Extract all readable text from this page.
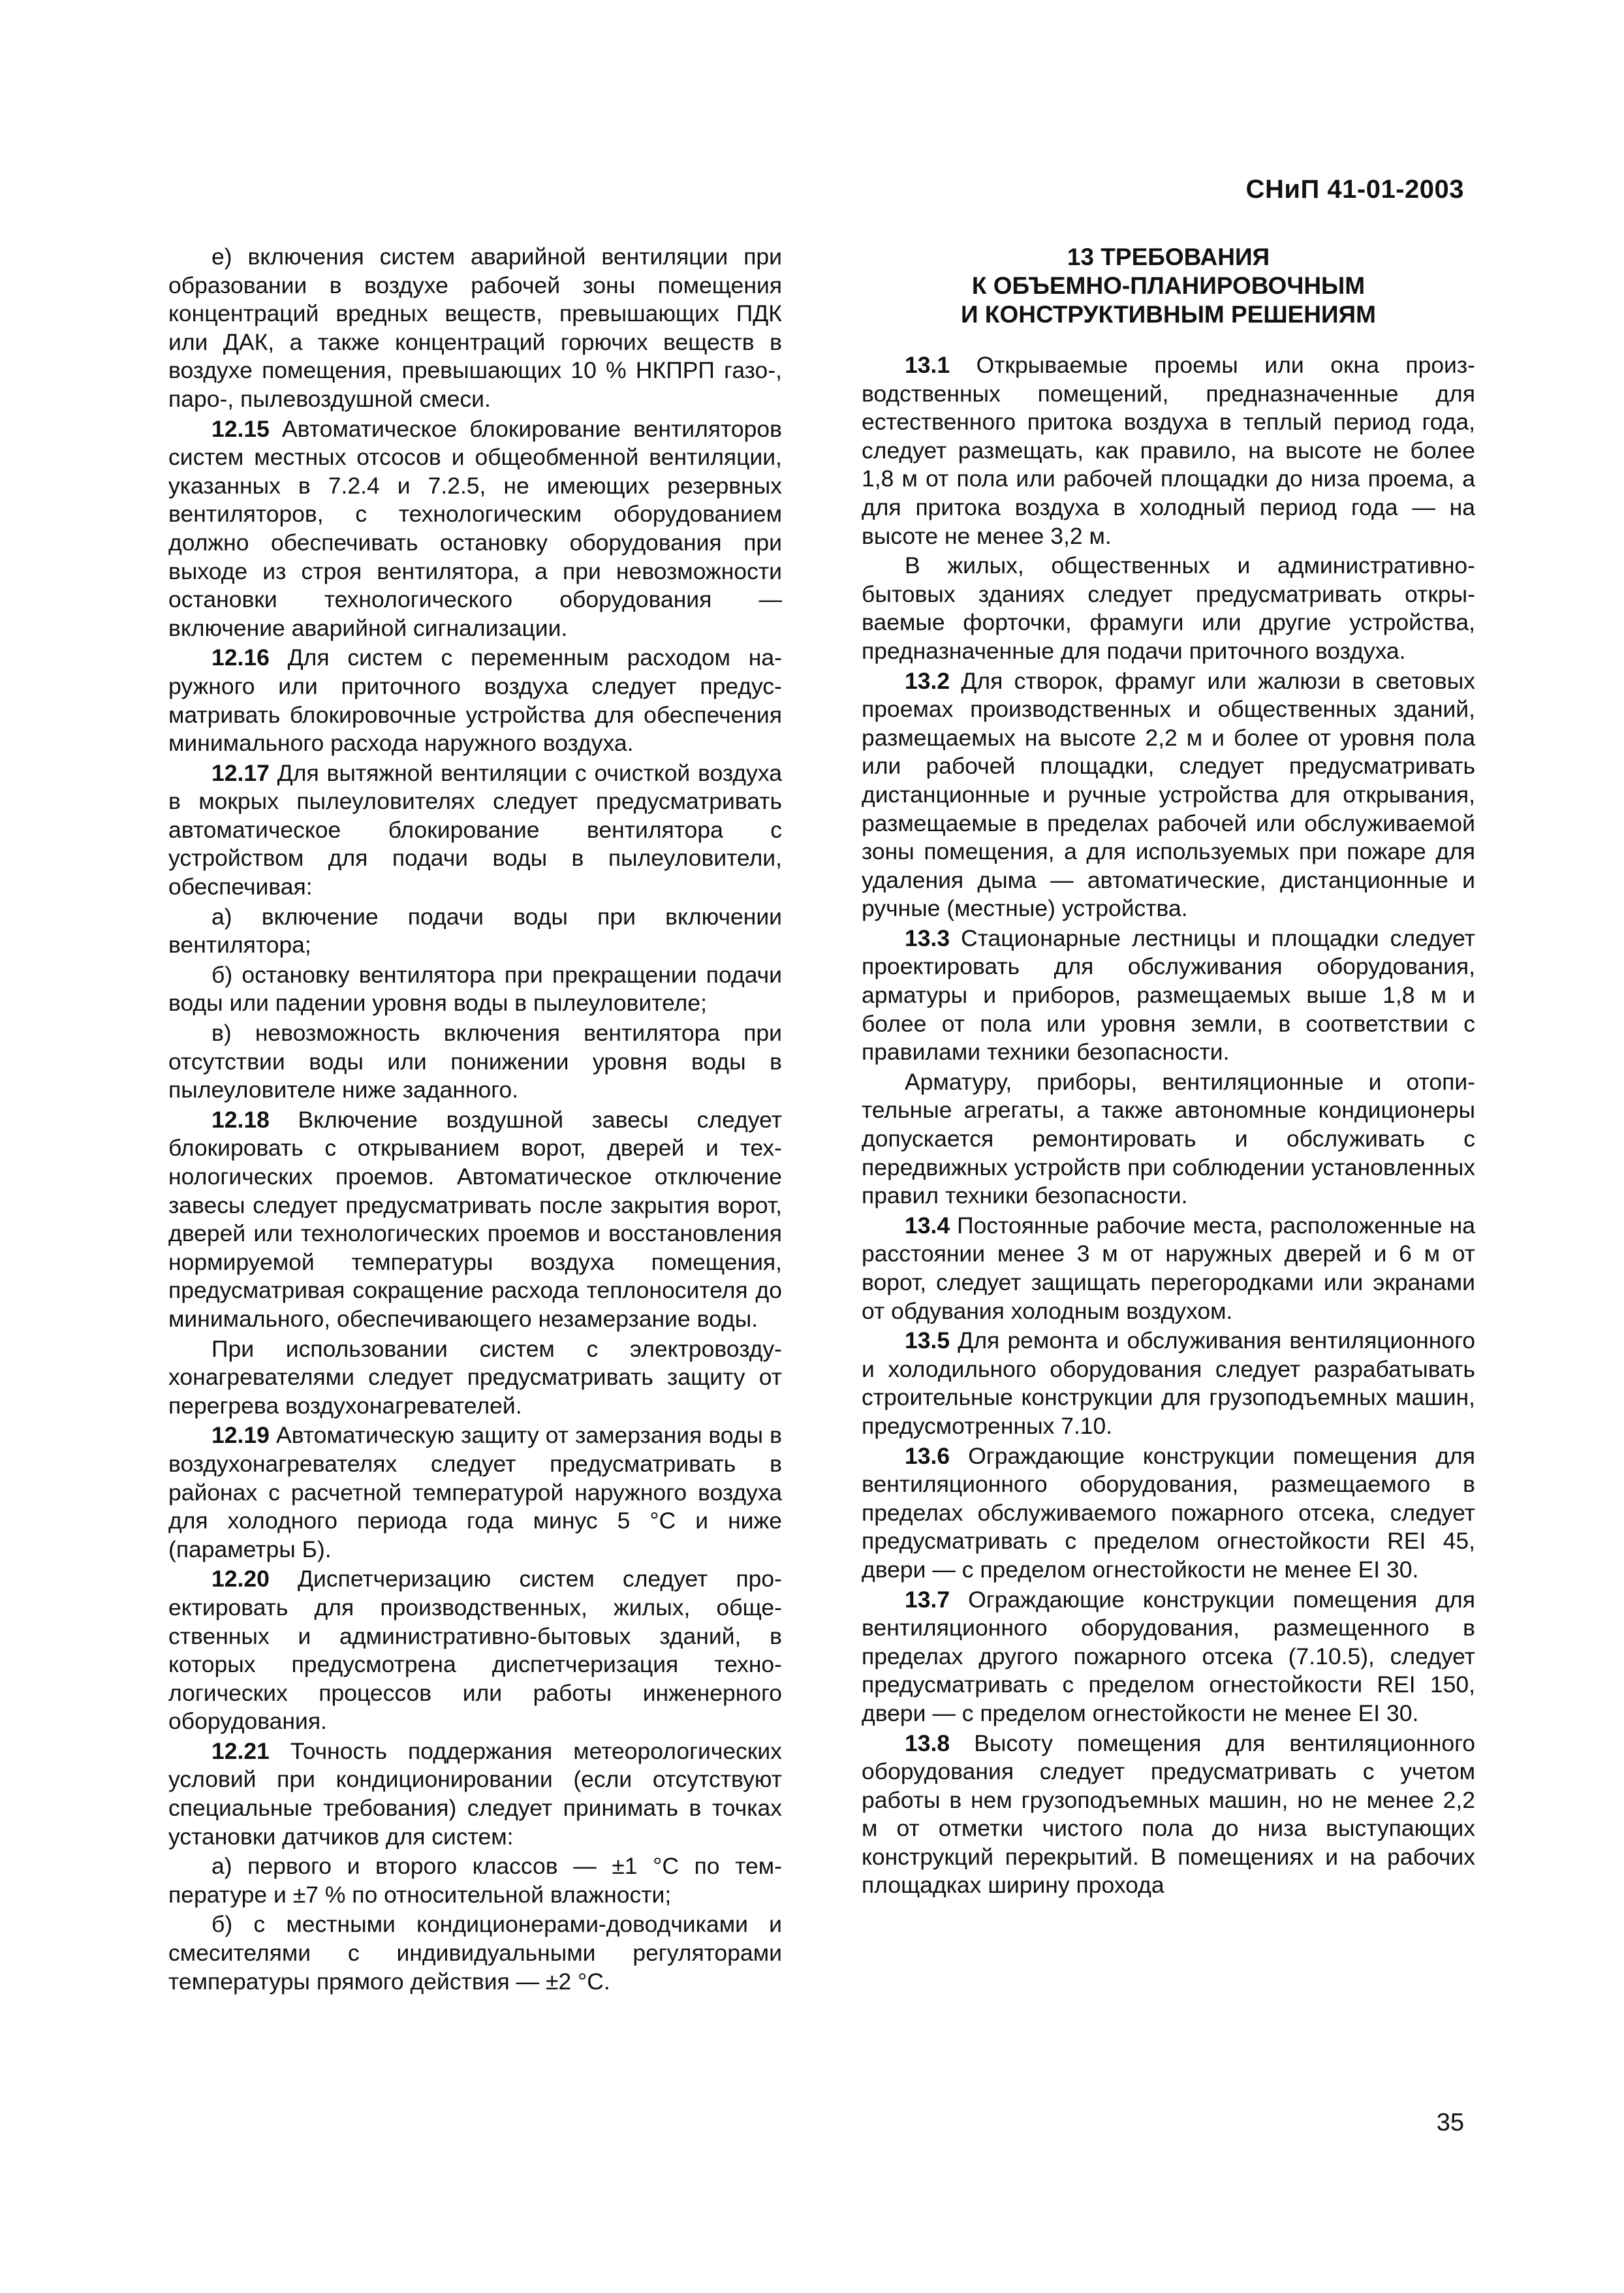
СНиП 41-01-2003

е) включения систем аварийной вентиляции при образовании в воздухе рабочей зоны помещения концентраций вредных веществ, превышающих ПДК или ДАК, а также концентраций горючих веществ в воздухе помещения, превышающих 10 % НКПРП газо-, паро-, пылевоздушной смеси.

12.15 Автоматическое блокирование вентиляторов систем местных отсосов и общеобменной вентиляции, указанных в 7.2.4 и 7.2.5, не имеющих резервных вентиляторов, с технологическим оборудованием должно обеспечивать остановку оборудования при выходе из строя вентилятора, а при невозможности остановки технологического оборудования — включение аварийной сигнализации.

12.16 Для систем с переменным расходом наружного или приточного воздуха следует предусматривать блокировочные устройства для обеспечения минимального расхода наружного воздуха.

12.17 Для вытяжной вентиляции с очисткой воздуха в мокрых пылеуловителях следует предусматривать автоматическое блокирование вентилятора с устройством для подачи воды в пылеуловители, обеспечивая:

а) включение подачи воды при включении вентилятора;

б) остановку вентилятора при прекращении подачи воды или падении уровня воды в пылеуловителе;

в) невозможность включения вентилятора при отсутствии воды или понижении уровня воды в пылеуловителе ниже заданного.

12.18 Включение воздушной завесы следует блокировать с открыванием ворот, дверей и технологических проемов. Автоматическое отключение завесы следует предусматривать после закрытия ворот, дверей или технологических проемов и восстановления нормируемой температуры воздуха помещения, предусматривая сокращение расхода теплоносителя до минимального, обеспечивающего незамерзание воды.

При использовании систем с электровоздухонагревателями следует предусматривать защиту от перегрева воздухонагревателей.

12.19 Автоматическую защиту от замерзания воды в воздухонагревателях следует предусматривать в районах с расчетной температурой наружного воздуха для холодного периода года минус 5 °С и ниже (параметры Б).

12.20 Диспетчеризацию систем следует проектировать для производственных, жилых, общественных и административно-бытовых зданий, в которых предусмотрена диспетчеризация технологических процессов или работы инженерного оборудования.

12.21 Точность поддержания метеорологических условий при кондиционировании (если отсутствуют специальные требования) следует принимать в точках установки датчиков для систем:

а) первого и второго классов — ±1 °С по температуре и ±7 % по относительной влажности;

б) с местными кондиционерами-доводчиками и смесителями с индивидуальными регуляторами температуры прямого действия — ±2 °С.

13 ТРЕБОВАНИЯ
К ОБЪЕМНО-ПЛАНИРОВОЧНЫМ
И КОНСТРУКТИВНЫМ РЕШЕНИЯМ

13.1 Открываемые проемы или окна производственных помещений, предназначенные для естественного притока воздуха в теплый период года, следует размещать, как правило, на высоте не более 1,8 м от пола или рабочей площадки до низа проема, а для притока воздуха в холодный период года — на высоте не менее 3,2 м.

В жилых, общественных и административно-бытовых зданиях следует предусматривать открываемые форточки, фрамуги или другие устройства, предназначенные для подачи приточного воздуха.

13.2 Для створок, фрамуг или жалюзи в световых проемах производственных и общественных зданий, размещаемых на высоте 2,2 м и более от уровня пола или рабочей площадки, следует предусматривать дистанционные и ручные устройства для открывания, размещаемые в пределах рабочей или обслуживаемой зоны помещения, а для используемых при пожаре для удаления дыма — автоматические, дистанционные и ручные (местные) устройства.

13.3 Стационарные лестницы и площадки следует проектировать для обслуживания оборудования, арматуры и приборов, размещаемых выше 1,8 м и более от пола или уровня земли, в соответствии с правилами техники безопасности.

Арматуру, приборы, вентиляционные и отопительные агрегаты, а также автономные кондиционеры допускается ремонтировать и обслуживать с передвижных устройств при соблюдении установленных правил техники безопасности.

13.4 Постоянные рабочие места, расположенные на расстоянии менее 3 м от наружных дверей и 6 м от ворот, следует защищать перегородками или экранами от обдувания холодным воздухом.

13.5 Для ремонта и обслуживания вентиляционного и холодильного оборудования следует разрабатывать строительные конструкции для грузоподъемных машин, предусмотренных 7.10.

13.6 Ограждающие конструкции помещения для вентиляционного оборудования, размещаемого в пределах обслуживаемого пожарного отсека, следует предусматривать с пределом огнестойкости REI 45, двери — с пределом огнестойкости не менее EI 30.

13.7 Ограждающие конструкции помещения для вентиляционного оборудования, размещенного в пределах другого пожарного отсека (7.10.5), следует предусматривать с пределом огнестойкости REI 150, двери — с пределом огнестойкости не менее EI 30.

13.8 Высоту помещения для вентиляционного оборудования следует предусматривать с учетом работы в нем грузоподъемных машин, но не менее 2,2 м от отметки чистого пола до низа выступающих конструкций перекрытий. В помещениях и на рабочих площадках ширину прохода

35
